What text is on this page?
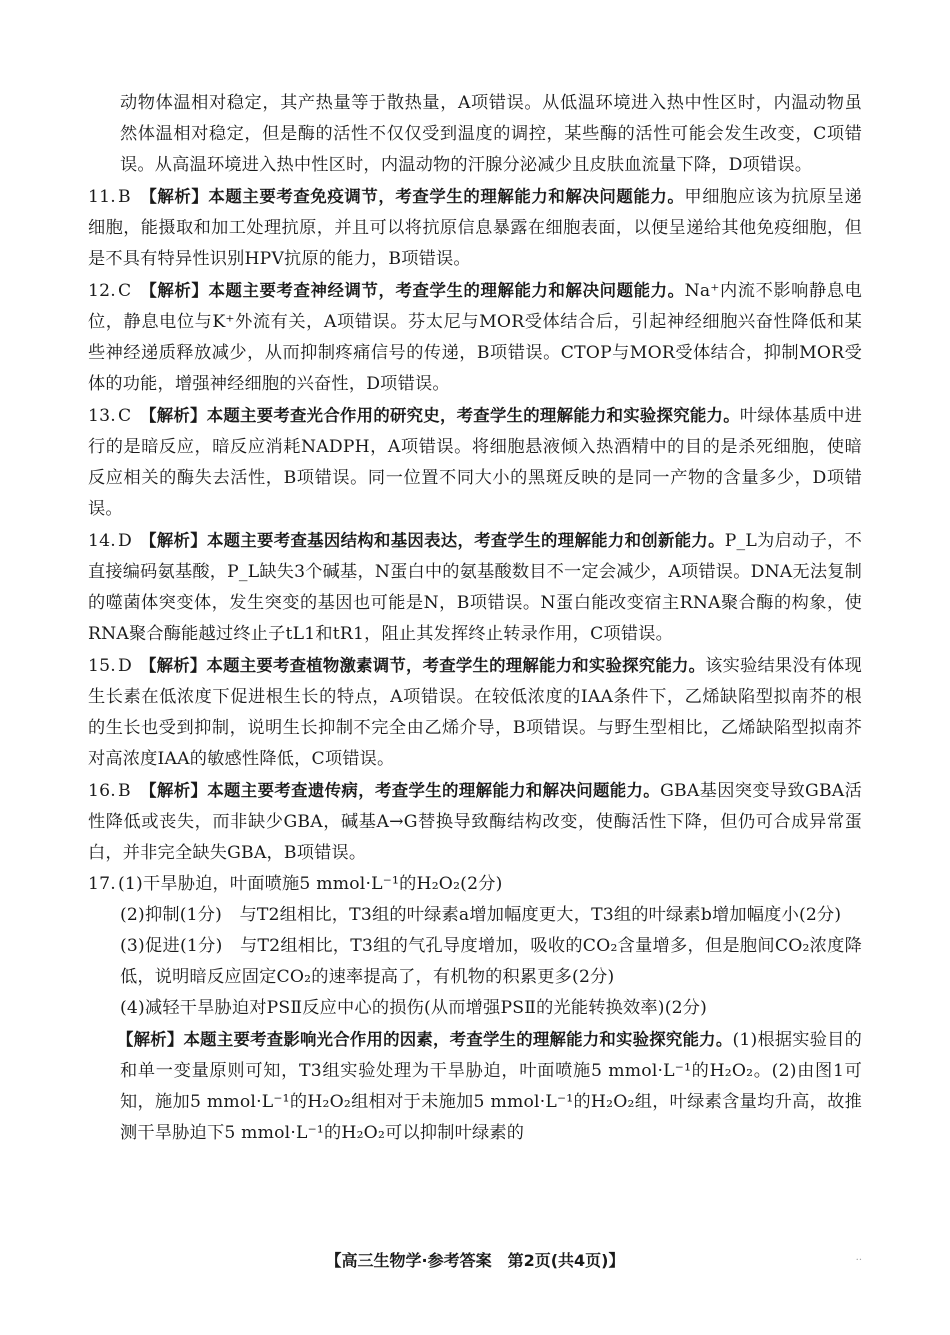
动物体温相对稳定，其产热量等于散热量，A项错误。从低温环境进入热中性区时，内温动物虽然体温相对稳定，但是酶的活性不仅仅受到温度的调控，某些酶的活性可能会发生改变，C项错误。从高温环境进入热中性区时，内温动物的汗腺分泌减少且皮肤血流量下降，D项错误。

11. B 【解析】本题主要考查免疫调节，考查学生的理解能力和解决问题能力。甲细胞应该为抗原呈递细胞，能摄取和加工处理抗原，并且可以将抗原信息暴露在细胞表面，以便呈递给其他免疫细胞，但是不具有特异性识别HPV抗原的能力，B项错误。
12. C 【解析】本题主要考查神经调节，考查学生的理解能力和解决问题能力。Na⁺内流不影响静息电位，静息电位与K⁺外流有关，A项错误。芬太尼与MOR受体结合后，引起神经细胞兴奋性降低和某些神经递质释放减少，从而抑制疼痛信号的传递，B项错误。CTOP与MOR受体结合，抑制MOR受体的功能，增强神经细胞的兴奋性，D项错误。
13. C 【解析】本题主要考查光合作用的研究史，考查学生的理解能力和实验探究能力。叶绿体基质中进行的是暗反应，暗反应消耗NADPH，A项错误。将细胞悬液倾入热酒精中的目的是杀死细胞，使暗反应相关的酶失去活性，B项错误。同一位置不同大小的黑斑反映的是同一产物的含量多少，D项错误。
14. D 【解析】本题主要考查基因结构和基因表达，考查学生的理解能力和创新能力。P_L为启动子，不直接编码氨基酸，P_L缺失3个碱基，N蛋白中的氨基酸数目不一定会减少，A项错误。DNA无法复制的噬菌体突变体，发生突变的基因也可能是N，B项错误。N蛋白能改变宿主RNA聚合酶的构象，使RNA聚合酶能越过终止子tL1和tR1，阻止其发挥终止转录作用，C项错误。
15. D 【解析】本题主要考查植物激素调节，考查学生的理解能力和实验探究能力。该实验结果没有体现生长素在低浓度下促进根生长的特点，A项错误。在较低浓度的IAA条件下，乙烯缺陷型拟南芥的根的生长也受到抑制，说明生长抑制不完全由乙烯介导，B项错误。与野生型相比，乙烯缺陷型拟南芥对高浓度IAA的敏感性降低，C项错误。
16. B 【解析】本题主要考查遗传病，考查学生的理解能力和解决问题能力。GBA基因突变导致GBA活性降低或丧失，而非缺少GBA，碱基A→G替换导致酶结构改变，使酶活性下降，但仍可合成异常蛋白，并非完全缺失GBA，B项错误。
17. (1)干旱胁迫，叶面喷施5 mmol·L⁻¹的H₂O₂(2分)

(2)抑制(1分)　与T2组相比，T3组的叶绿素a增加幅度更大，T3组的叶绿素b增加幅度小(2分)

(3)促进(1分)　与T2组相比，T3组的气孔导度增加，吸收的CO₂含量增多，但是胞间CO₂浓度降低，说明暗反应固定CO₂的速率提高了，有机物的积累更多(2分)

(4)减轻干旱胁迫对PSⅡ反应中心的损伤(从而增强PSⅡ的光能转换效率)(2分)

【解析】本题主要考查影响光合作用的因素，考查学生的理解能力和实验探究能力。(1)根据实验目的和单一变量原则可知，T3组实验处理为干旱胁迫，叶面喷施5 mmol·L⁻¹的H₂O₂。(2)由图1可知，施加5 mmol·L⁻¹的H₂O₂组相对于未施加5 mmol·L⁻¹的H₂O₂组，叶绿素含量均升高，故推测干旱胁迫下5 mmol·L⁻¹的H₂O₂可以抑制叶绿素的

【高三生物学·参考答案　第2页(共4页)】	..
